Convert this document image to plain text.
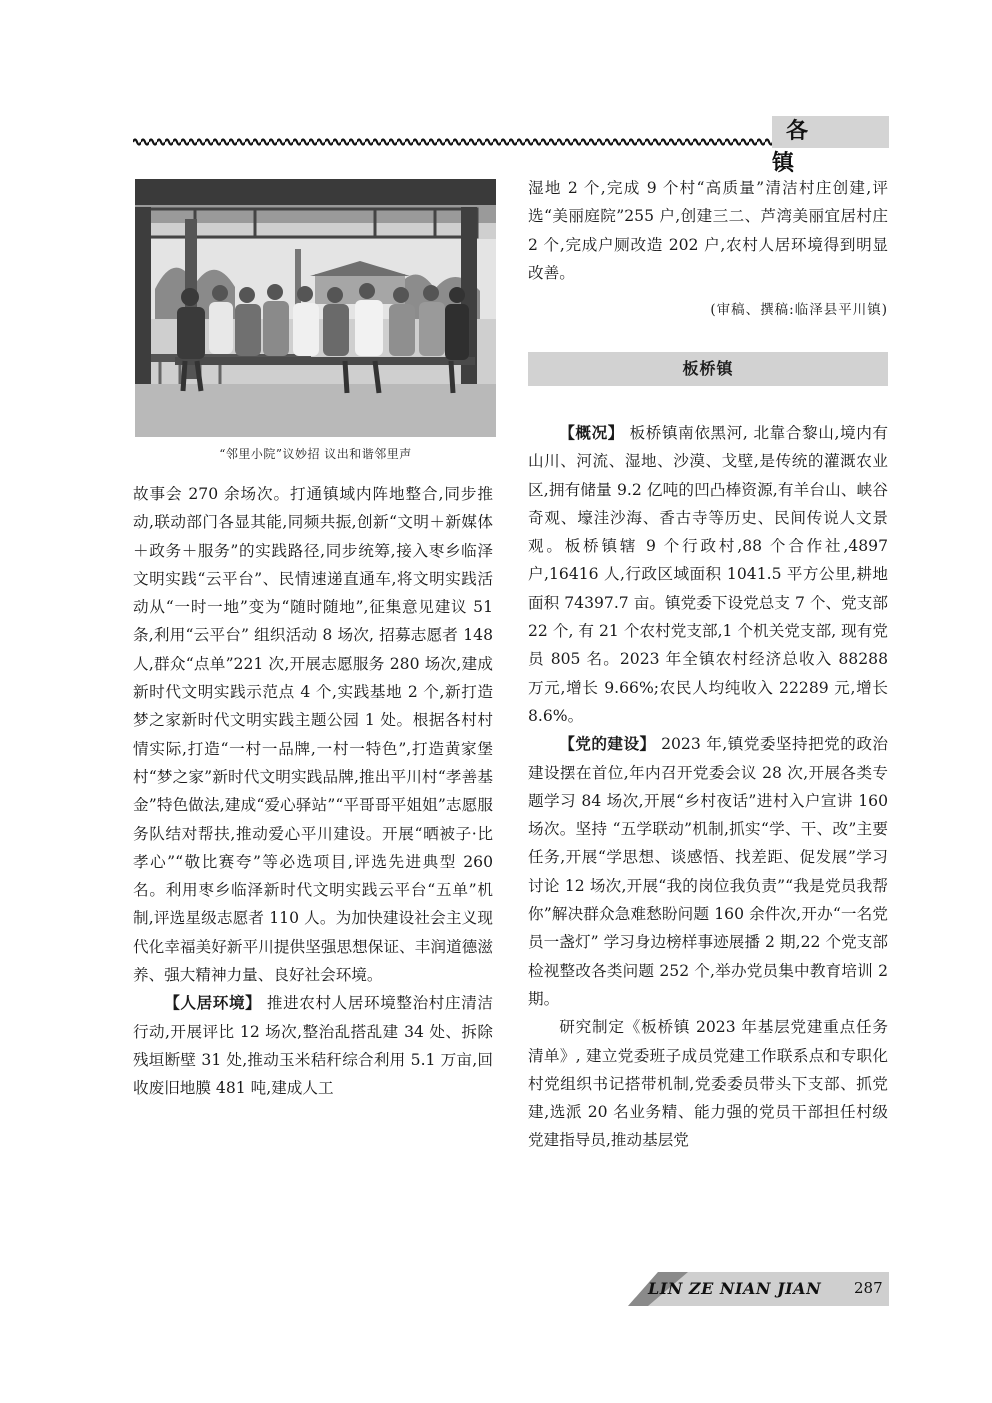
各 镇
“邻里小院”议妙招 议出和谐邻里声

故事会 270 余场次。打通镇域内阵地整合,同步推动,联动部门各显其能,同频共振,创新“文明＋新媒体＋政务＋服务”的实践路径,同步统筹,接入枣乡临泽文明实践“云平台”、民情速递直通车,将文明实践活动从“一时一地”变为“随时随地”,征集意见建议 51 条,利用“云平台” 组织活动 8 场次, 招募志愿者 148 人,群众“点单”221 次,开展志愿服务 280 场次,建成新时代文明实践示范点 4 个,实践基地 2 个,新打造梦之家新时代文明实践主题公园 1 处。根据各村村情实际,打造“一村一品牌,一村一特色”,打造黄家堡村“梦之家”新时代文明实践品牌,推出平川村“孝善基金”特色做法,建成“爱心驿站”“平哥哥平姐姐”志愿服务队结对帮扶,推动爱心平川建设。开展“晒被子·比孝心”“敬比赛夸”等必选项目,评选先进典型 260 名。利用枣乡临泽新时代文明实践云平台“五单”机制,评选星级志愿者 110 人。为加快建设社会主义现代化幸福美好新平川提供坚强思想保证、丰润道德滋养、强大精神力量、良好社会环境。

【人居环境】 推进农村人居环境整治村庄清洁行动,开展评比 12 场次,整治乱搭乱建 34 处、拆除残垣断壁 31 处,推动玉米秸秆综合利用 5.1 万亩,回收废旧地膜 481 吨,建成人工

湿地 2 个,完成 9 个村“高质量”清洁村庄创建,评选“美丽庭院”255 户,创建三二、芦湾美丽宜居村庄 2 个,完成户厕改造 202 户,农村人居环境得到明显改善。

(审稿、撰稿:临泽县平川镇)
板桥镇

【概况】 板桥镇南依黑河, 北靠合黎山,境内有山川、河流、湿地、沙漠、戈壁,是传统的灌溉农业区,拥有储量 9.2 亿吨的凹凸棒资源,有羊台山、峡谷奇观、壕洼沙海、香古寺等历史、民间传说人文景观。板桥镇辖 9 个行政村,88 个合作社,4897 户,16416 人,行政区域面积 1041.5 平方公里,耕地面积 74397.7 亩。镇党委下设党总支 7 个、党支部 22 个, 有 21 个农村党支部,1 个机关党支部, 现有党员 805 名。2023 年全镇农村经济总收入 88288 万元,增长 9.66%;农民人均纯收入 22289 元,增长 8.6%。

【党的建设】 2023 年,镇党委坚持把党的政治建设摆在首位,年内召开党委会议 28 次,开展各类专题学习 84 场次,开展“乡村夜话”进村入户宣讲 160 场次。坚持 “五学联动”机制,抓实“学、干、改”主要任务,开展“学思想、谈感悟、找差距、促发展”学习讨论 12 场次,开展“我的岗位我负责”“我是党员我帮你”解决群众急难愁盼问题 160 余件次,开办“一名党员一盏灯” 学习身边榜样事迹展播 2 期,22 个党支部检视整改各类问题 252 个,举办党员集中教育培训 2 期。

研究制定《板桥镇 2023 年基层党建重点任务清单》, 建立党委班子成员党建工作联系点和专职化村党组织书记搭带机制,党委委员带头下支部、抓党建,选派 20 名业务精、能力强的党员干部担任村级党建指导员,推动基层党

LIN ZE NIAN JIAN 287
